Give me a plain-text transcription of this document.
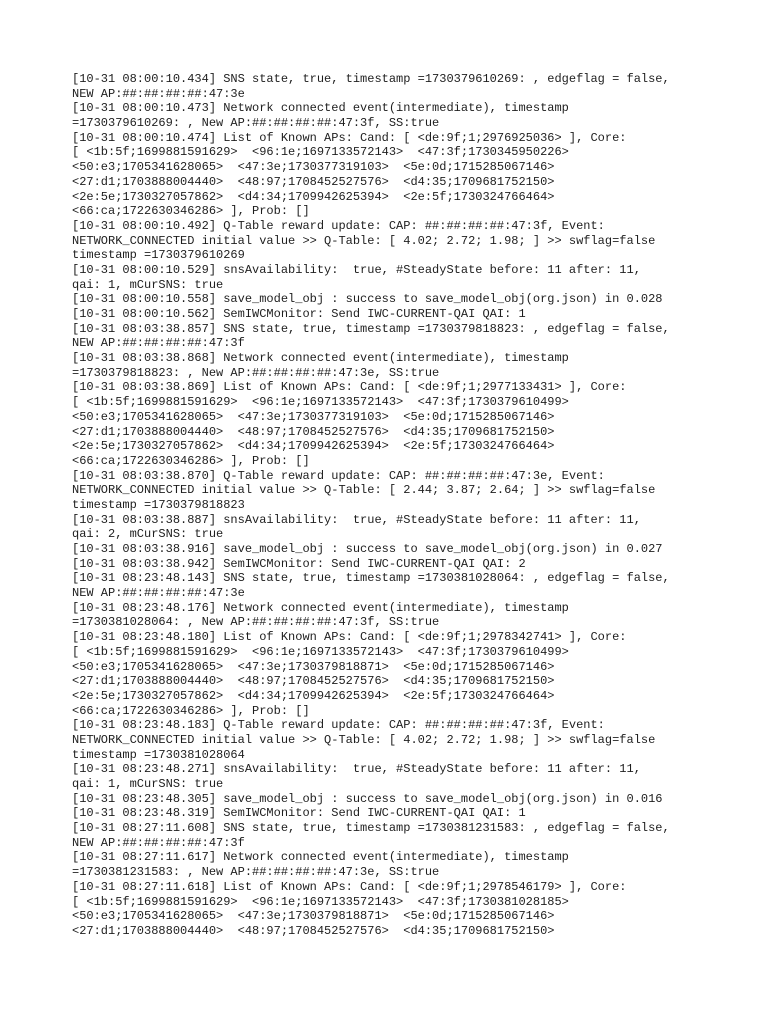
[10-31 08:00:10.434] SNS state, true, timestamp =1730379610269: , edgeflag = false,
NEW AP:##:##:##:##:47:3e
[10-31 08:00:10.473] Network connected event(intermediate), timestamp
=1730379610269: , New AP:##:##:##:##:47:3f, SS:true
[10-31 08:00:10.474] List of Known APs: Cand: [ <de:9f;1;2976925036> ], Core:
[ <1b:5f;1699881591629>  <96:1e;1697133572143>  <47:3f;1730345950226>
<50:e3;1705341628065>  <47:3e;1730377319103>  <5e:0d;1715285067146>
<27:d1;1703888004440>  <48:97;1708452527576>  <d4:35;1709681752150>
<2e:5e;1730327057862>  <d4:34;1709942625394>  <2e:5f;1730324766464>
<66:ca;1722630346286> ], Prob: []
[10-31 08:00:10.492] Q-Table reward update: CAP: ##:##:##:##:47:3f, Event:
NETWORK_CONNECTED initial value >> Q-Table: [ 4.02; 2.72; 1.98; ] >> swflag=false
timestamp =1730379610269
[10-31 08:00:10.529] snsAvailability:  true, #SteadyState before: 11 after: 11,
qai: 1, mCurSNS: true
[10-31 08:00:10.558] save_model_obj : success to save_model_obj(org.json) in 0.028
[10-31 08:00:10.562] SemIWCMonitor: Send IWC-CURRENT-QAI QAI: 1
[10-31 08:03:38.857] SNS state, true, timestamp =1730379818823: , edgeflag = false,
NEW AP:##:##:##:##:47:3f
[10-31 08:03:38.868] Network connected event(intermediate), timestamp
=1730379818823: , New AP:##:##:##:##:47:3e, SS:true
[10-31 08:03:38.869] List of Known APs: Cand: [ <de:9f;1;2977133431> ], Core:
[ <1b:5f;1699881591629>  <96:1e;1697133572143>  <47:3f;1730379610499>
<50:e3;1705341628065>  <47:3e;1730377319103>  <5e:0d;1715285067146>
<27:d1;1703888004440>  <48:97;1708452527576>  <d4:35;1709681752150>
<2e:5e;1730327057862>  <d4:34;1709942625394>  <2e:5f;1730324766464>
<66:ca;1722630346286> ], Prob: []
[10-31 08:03:38.870] Q-Table reward update: CAP: ##:##:##:##:47:3e, Event:
NETWORK_CONNECTED initial value >> Q-Table: [ 2.44; 3.87; 2.64; ] >> swflag=false
timestamp =1730379818823
[10-31 08:03:38.887] snsAvailability:  true, #SteadyState before: 11 after: 11,
qai: 2, mCurSNS: true
[10-31 08:03:38.916] save_model_obj : success to save_model_obj(org.json) in 0.027
[10-31 08:03:38.942] SemIWCMonitor: Send IWC-CURRENT-QAI QAI: 2
[10-31 08:23:48.143] SNS state, true, timestamp =1730381028064: , edgeflag = false,
NEW AP:##:##:##:##:47:3e
[10-31 08:23:48.176] Network connected event(intermediate), timestamp
=1730381028064: , New AP:##:##:##:##:47:3f, SS:true
[10-31 08:23:48.180] List of Known APs: Cand: [ <de:9f;1;2978342741> ], Core:
[ <1b:5f;1699881591629>  <96:1e;1697133572143>  <47:3f;1730379610499>
<50:e3;1705341628065>  <47:3e;1730379818871>  <5e:0d;1715285067146>
<27:d1;1703888004440>  <48:97;1708452527576>  <d4:35;1709681752150>
<2e:5e;1730327057862>  <d4:34;1709942625394>  <2e:5f;1730324766464>
<66:ca;1722630346286> ], Prob: []
[10-31 08:23:48.183] Q-Table reward update: CAP: ##:##:##:##:47:3f, Event:
NETWORK_CONNECTED initial value >> Q-Table: [ 4.02; 2.72; 1.98; ] >> swflag=false
timestamp =1730381028064
[10-31 08:23:48.271] snsAvailability:  true, #SteadyState before: 11 after: 11,
qai: 1, mCurSNS: true
[10-31 08:23:48.305] save_model_obj : success to save_model_obj(org.json) in 0.016
[10-31 08:23:48.319] SemIWCMonitor: Send IWC-CURRENT-QAI QAI: 1
[10-31 08:27:11.608] SNS state, true, timestamp =1730381231583: , edgeflag = false,
NEW AP:##:##:##:##:47:3f
[10-31 08:27:11.617] Network connected event(intermediate), timestamp
=1730381231583: , New AP:##:##:##:##:47:3e, SS:true
[10-31 08:27:11.618] List of Known APs: Cand: [ <de:9f;1;2978546179> ], Core:
[ <1b:5f;1699881591629>  <96:1e;1697133572143>  <47:3f;1730381028185>
<50:e3;1705341628065>  <47:3e;1730379818871>  <5e:0d;1715285067146>
<27:d1;1703888004440>  <48:97;1708452527576>  <d4:35;1709681752150>
